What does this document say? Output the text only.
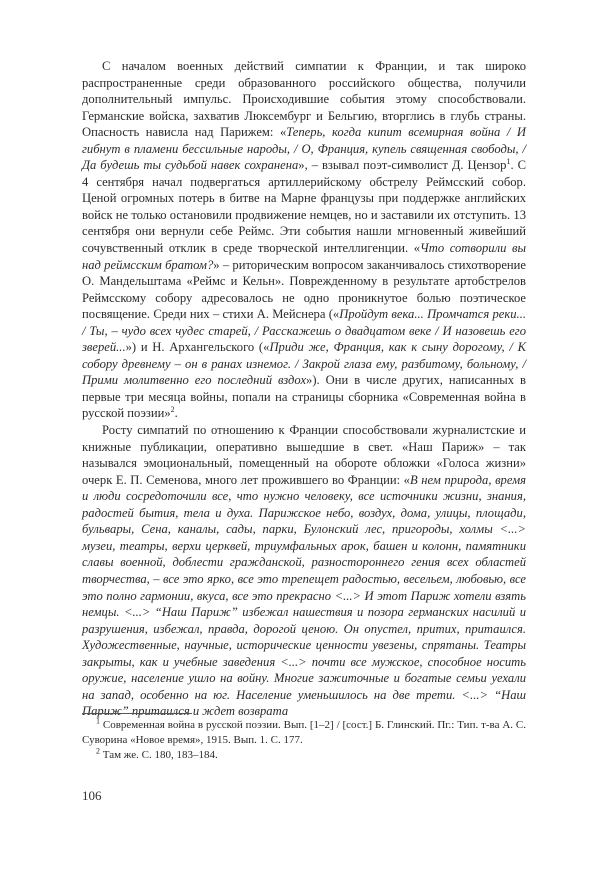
С началом военных действий симпатии к Франции, и так широко распространенные среди образованного российского общества, получили дополнительный импульс. Происходившие события этому способствовали. Германские войска, захватив Люксембург и Бельгию, вторглись в глубь страны. Опасность нависла над Парижем: «Теперь, когда кипит всемирная война / И гибнут в пламени бессильные народы, / О, Франция, купель священная свободы, / Да будешь ты судьбой навек сохранена», – взывал поэт-символист Д. Цензор$^1$. С 4 сентября начал подвергаться артиллерийскому обстрелу Реймсский собор. Ценой огромных потерь в битве на Марне французы при поддержке английских войск не только остановили продвижение немцев, но и заставили их отступить. 13 сентября они вернули себе Реймс. Эти события нашли мгновенный живейший сочувственный отклик в среде творческой интеллигенции. «Что сотворили вы над реймсским братом?» – риторическим вопросом заканчивалось стихотворение О. Мандельштама «Реймс и Кельн». Поврежденному в результате артобстрелов Реймсскому собору адресовалось не одно проникнутое болью поэтическое посвящение. Среди них – стихи А. Мейснера («Пройдут века... Промчатся реки... / Ты, – чудо всех чудес старей, / Расскажешь о двадцатом веке / И назовешь его зверей...») и Н. Архангельского («Приди же, Франция, как к сыну дорогому, / К собору древнему – он в ранах изнемог. / Закрой глаза ему, разбитому, больному, / Прими молитвенно его последний вздох»). Они в числе других, написанных в первые три месяца войны, попали на страницы сборника «Современная война в русской поэзии»$^2$.

Росту симпатий по отношению к Франции способствовали журналистские и книжные публикации, оперативно вышедшие в свет. «Наш Париж» – так назывался эмоциональный, помещенный на обороте обложки «Голоса жизни» очерк Е. П. Семенова, много лет прожившего во Франции: «В нем природа, время и люди сосредоточили все, что нужно человеку, все источники жизни, знания, радостей бытия, тела и духа. Парижское небо, воздух, дома, улицы, площади, бульвары, Сена, каналы, сады, парки, Булонский лес, пригороды, холмы <...> музеи, театры, верхи церквей, триумфальных арок, башен и колонн, памятники славы военной, доблести гражданской, разностороннего гения всех областей творчества, – все это ярко, все это трепещет радостью, весельем, любовью, все это полно гармонии, вкуса, все это прекрасно <...> И этот Париж хотели взять немцы. <...> “Наш Париж” избежал нашествия и позора германских насилий и разрушения, избежал, правда, дорогой ценою. Он опустел, притих, притаился. Художественные, научные, исторические ценности увезены, спрятаны. Театры закрыты, как и учебные заведения <...> почти все мужское, способное носить оружие, население ушло на войну. Многие зажиточные и богатые семьи уехали на запад, особенно на юг. Население уменьшилось на две трети. <...> “Наш Париж” притаился и ждет возврата

$^1$ Современная война в русской поэзии. Вып. [1–2] / [сост.] Б. Глинский. Пг.: Тип. т-ва А. С. Суворина «Новое время», 1915. Вып. 1. С. 177.

$^2$ Там же. С. 180, 183–184.

106
